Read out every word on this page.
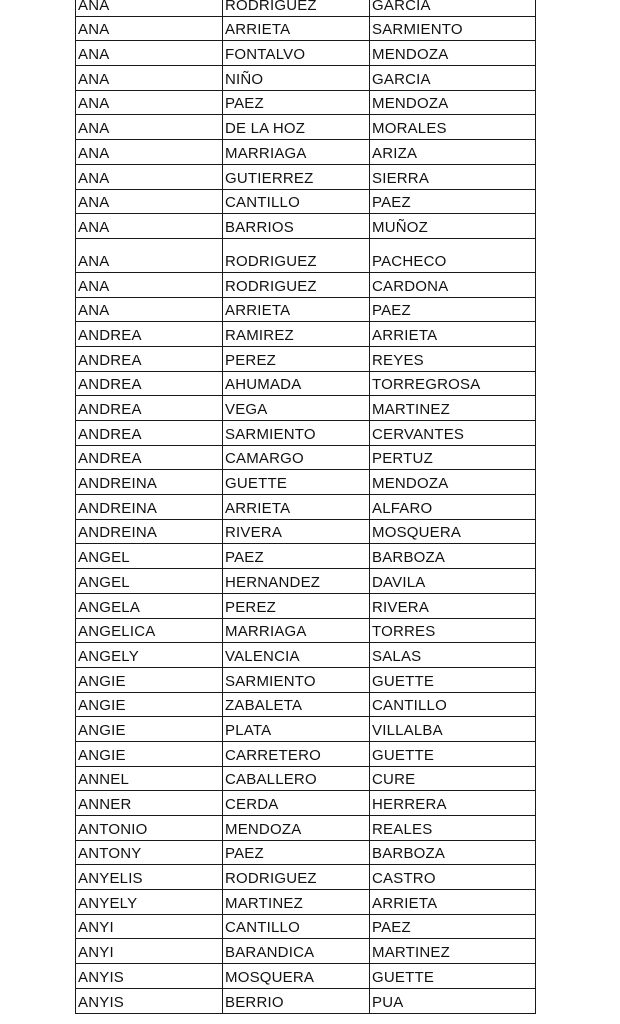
ANA	RODRIGUEZ	GARCIA
ANA	ARRIETA	SARMIENTO
ANA	FONTALVO	MENDOZA
ANA	NIÑO	GARCIA
ANA	PAEZ	MENDOZA
ANA	DE LA HOZ	MORALES
ANA	MARRIAGA	ARIZA
ANA	GUTIERREZ	SIERRA
ANA	CANTILLO	PAEZ
ANA	BARRIOS	MUÑOZ
ANA	RODRIGUEZ	PACHECO
ANA	RODRIGUEZ	CARDONA
ANA	ARRIETA	PAEZ
ANDREA	RAMIREZ	ARRIETA
ANDREA	PEREZ	REYES
ANDREA	AHUMADA	TORREGROSA
ANDREA	VEGA	MARTINEZ
ANDREA	SARMIENTO	CERVANTES
ANDREA	CAMARGO	PERTUZ
ANDREINA	GUETTE	MENDOZA
ANDREINA	ARRIETA	ALFARO
ANDREINA	RIVERA	MOSQUERA
ANGEL	PAEZ	BARBOZA
ANGEL	HERNANDEZ	DAVILA
ANGELA	PEREZ	RIVERA
ANGELICA	MARRIAGA	TORRES
ANGELY	VALENCIA	SALAS
ANGIE	SARMIENTO	GUETTE
ANGIE	ZABALETA	CANTILLO
ANGIE	PLATA	VILLALBA
ANGIE	CARRETERO	GUETTE
ANNEL	CABALLERO	CURE
ANNER	CERDA	HERRERA
ANTONIO	MENDOZA	REALES
ANTONY	PAEZ	BARBOZA
ANYELIS	RODRIGUEZ	CASTRO
ANYELY	MARTINEZ	ARRIETA
ANYI	CANTILLO	PAEZ
ANYI	BARANDICA	MARTINEZ
ANYIS	MOSQUERA	GUETTE
ANYIS	BERRIO	PUA
